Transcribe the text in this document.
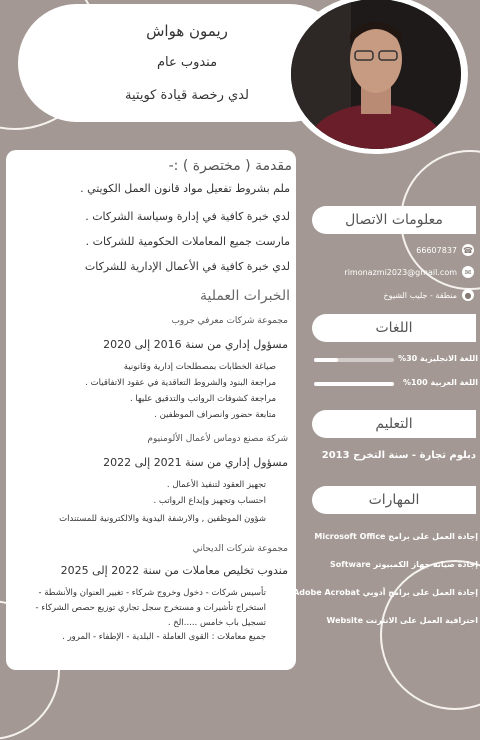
ريمون هواش
مندوب عام
لدي رخصة قيادة كويتية
مقدمة ( مختصرة ) :-
ملم بشروط تفعيل مواد قانون العمل الكويتي .
لدي خبرة كافية في إدارة وسياسة الشركات .
مارست جميع المعاملات الحكومية للشركات .
لدي خبرة كافية في الأعمال الإدارية للشركات
الخبرات العملية
مجموعة شركات معرفي جروب
مسؤول إداري من سنة 2016 إلى 2020
صياغة الخطابات بمصطلحات إدارية وقانونية
مراجعة البنود والشروط التعاقدية في عقود الاتفاقيات .
مراجعة كشوفات الرواتب والتدقيق عليها .
متابعة حضور وانصراف الموظفين .
شركة مصنع دوماس لأعمال الألومنيوم
مسؤول إداري من سنة 2021 إلى 2022
تجهيز العقود لتنفيذ الأعمال .
احتساب وتجهيز وإيداع الرواتب .
شؤون الموظفين , والارشفة اليدوية والالكترونية للمستندات
مجموعة شركات الديحاني
مندوب تخليص معاملات من سنة 2022 إلى 2025
تأسيس شركات - دخول وخروج شركاء - تغيير العنوان والأنشطة - استخراج تأشيرات و مستخرج سجل تجاري توزيع حصص الشركاء - تسجيل باب خامس .....الخ .
جميع معاملات : القوى العاملة - البلدية - الإطفاء - المرور .
معلومات الاتصال
66607837 ☎
rimonazmi2023@gmail.com ✉
منطقة - جليب الشيوخ ●
اللغات
اللغة الانجليزية 30%
اللغة العربية 100%
التعليم
دبلوم تجارة - سنة التخرج 2013
المهارات
إجادة العمل على برامج Microsoft Office
إجادة صيانة جهاز الكمبيوتر Software
إجادة العمل على برامج أدوبي Adobe Acrobat
احترافية العمل على الانترنت Website
